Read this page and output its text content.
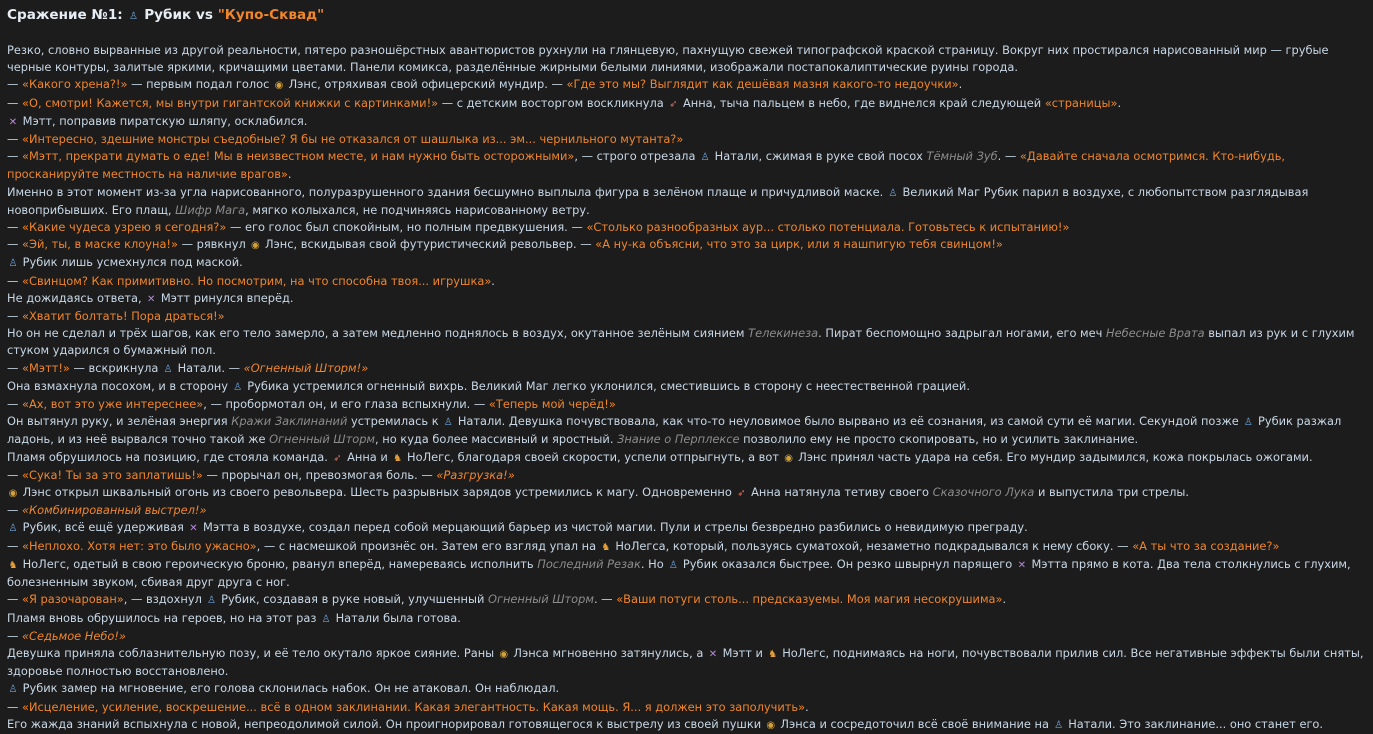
Сражение №1: ♙ Рубик vs "Купо-Сквад"

Резко, словно вырванные из другой реальности, пятеро разношёрстных авантюристов рухнули на глянцевую, пахнущую свежей типографской краской страницу. Вокруг них простирался нарисованный мир — грубые черные контуры, залитые яркими, кричащими цветами. Панели комикса, разделённые жирными белыми линиями, изображали постапокалиптические руины города.

— «Какого хрена?!» — первым подал голос ◉ Лэнс, отряхивая свой офицерский мундир. — «Где это мы? Выглядит как дешёвая мазня какого-то недоучки».

— «О, смотри! Кажется, мы внутри гигантской книжки с картинками!» — с детским восторгом воскликнула ➶ Анна, тыча пальцем в небо, где виднелся край следующей «страницы».

✕ Мэтт, поправив пиратскую шляпу, осклабился.

— «Интересно, здешние монстры съедобные? Я бы не отказался от шашлыка из... эм... чернильного мутанта?»

— «Мэтт, прекрати думать о еде! Мы в неизвестном месте, и нам нужно быть осторожными», — строго отрезала ♙ Натали, сжимая в руке свой посох Тёмный Зуб. — «Давайте сначала осмотримся. Кто-нибудь, просканируйте местность на наличие врагов».

Именно в этот момент из-за угла нарисованного, полуразрушенного здания бесшумно выплыла фигура в зелёном плаще и причудливой маске. ♙ Великий Маг Рубик парил в воздухе, с любопытством разглядывая новоприбывших. Его плащ, Шифр Мага, мягко колыхался, не подчиняясь нарисованному ветру.

— «Какие чудеса узрею я сегодня?» — его голос был спокойным, но полным предвкушения. — «Столько разнообразных аур... столько потенциала. Готовьтесь к испытанию!»

— «Эй, ты, в маске клоуна!» — рявкнул ◉ Лэнс, вскидывая свой футуристический револьвер. — «А ну-ка объясни, что это за цирк, или я нашпигую тебя свинцом!»

♙ Рубик лишь усмехнулся под маской.

— «Свинцом? Как примитивно. Но посмотрим, на что способна твоя... игрушка».

Не дожидаясь ответа, ✕ Мэтт ринулся вперёд.

— «Хватит болтать! Пора драться!»

Но он не сделал и трёх шагов, как его тело замерло, а затем медленно поднялось в воздух, окутанное зелёным сиянием Телекинеза. Пират беспомощно задрыгал ногами, его меч Небесные Врата выпал из рук и с глухим стуком ударился о бумажный пол.

— «Мэтт!» — вскрикнула ♙ Натали. — «Огненный Шторм!»

Она взмахнула посохом, и в сторону ♙ Рубика устремился огненный вихрь. Великий Маг легко уклонился, сместившись в сторону с неестественной грацией.

— «Ах, вот это уже интереснее», — пробормотал он, и его глаза вспыхнули. — «Теперь мой черёд!»

Он вытянул руку, и зелёная энергия Кражи Заклинаний устремилась к ♙ Натали. Девушка почувствовала, как что-то неуловимое было вырвано из её сознания, из самой сути её магии. Секундой позже ♙ Рубик разжал ладонь, и из неё вырвался точно такой же Огненный Шторм, но куда более массивный и яростный. Знание о Перплексе позволило ему не просто скопировать, но и усилить заклинание.

Пламя обрушилось на позицию, где стояла команда. ➶ Анна и ♞ НоЛегс, благодаря своей скорости, успели отпрыгнуть, а вот ◉ Лэнс принял часть удара на себя. Его мундир задымился, кожа покрылась ожогами.

— «Сука! Ты за это заплатишь!» — прорычал он, превозмогая боль. — «Разгрузка!»

◉ Лэнс открыл шквальный огонь из своего револьвера. Шесть разрывных зарядов устремились к магу. Одновременно ➶ Анна натянула тетиву своего Сказочного Лука и выпустила три стрелы.

— «Комбинированный выстрел!»

♙ Рубик, всё ещё удерживая ✕ Мэтта в воздухе, создал перед собой мерцающий барьер из чистой магии. Пули и стрелы безвредно разбились о невидимую преграду.

— «Неплохо. Хотя нет: это было ужасно», — с насмешкой произнёс он. Затем его взгляд упал на ♞ НоЛегса, который, пользуясь суматохой, незаметно подкрадывался к нему сбоку. — «А ты что за создание?»

♞ НоЛегс, одетый в свою героическую броню, рванул вперёд, намереваясь исполнить Последний Резак. Но ♙ Рубик оказался быстрее. Он резко швырнул парящего ✕ Мэтта прямо в кота. Два тела столкнулись с глухим, болезненным звуком, сбивая друг друга с ног.

— «Я разочарован», — вздохнул ♙ Рубик, создавая в руке новый, улучшенный Огненный Шторм. — «Ваши потуги столь... предсказуемы. Моя магия несокрушима».

Пламя вновь обрушилось на героев, но на этот раз ♙ Натали была готова.

— «Седьмое Небо!»

Девушка приняла соблазнительную позу, и её тело окутало яркое сияние. Раны ◉ Лэнса мгновенно затянулись, а ✕ Мэтт и ♞ НоЛегс, поднимаясь на ноги, почувствовали прилив сил. Все негативные эффекты были сняты, здоровье полностью восстановлено.

♙ Рубик замер на мгновение, его голова склонилась набок. Он не атаковал. Он наблюдал.

— «Исцеление, усиление, воскрешение... всё в одном заклинании. Какая элегантность. Какая мощь. Я... я должен это заполучить».

Его жажда знаний вспыхнула с новой, непреодолимой силой. Он проигнорировал готовящегося к выстрелу из своей пушки ◉ Лэнса и сосредоточил всё своё внимание на ♙ Натали. Это заклинание... оно станет его.
